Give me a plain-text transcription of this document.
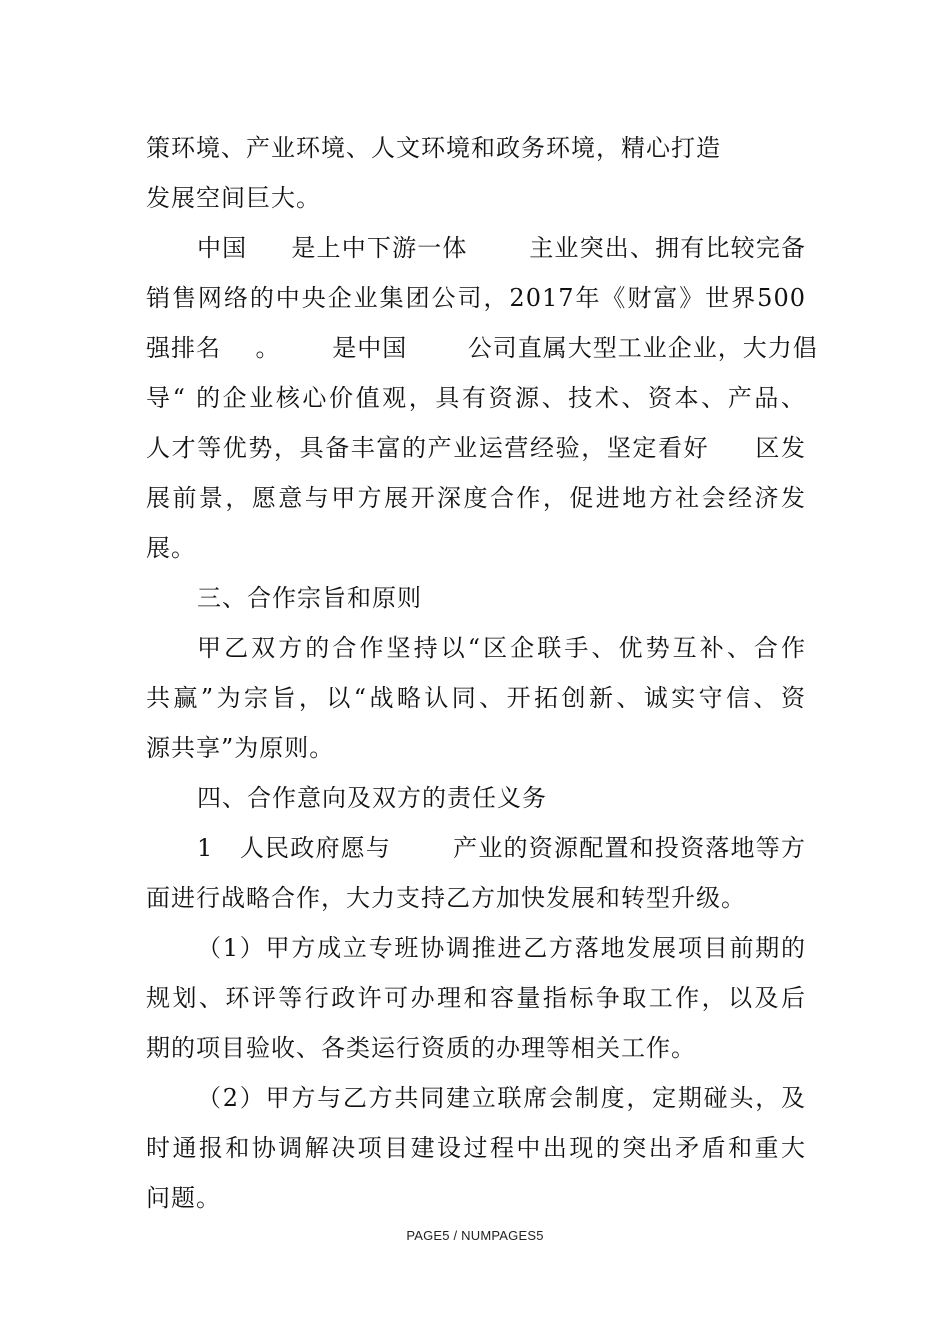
策环境、产业环境、人文环境和政务环境，精心打造
发展空间巨大。
中国     是上中下游一体       主业突出、拥有比较完备
销售网络的中央企业集团公司，2017年《财富》世界500
强排名    。      是中国       公司直属大型工业企业，大力倡
导“ 的企业核心价值观，具有资源、技术、资本、产品、
人才等优势，具备丰富的产业运营经验，坚定看好     区发
展前景，愿意与甲方展开深度合作，促进地方社会经济发
展。
三、合作宗旨和原则
甲乙双方的合作坚持以“区企联手、优势互补、合作
共赢”为宗旨，以“战略认同、开拓创新、诚实守信、资
源共享”为原则。
四、合作意向及双方的责任义务
1   人民政府愿与       产业的资源配置和投资落地等方
面进行战略合作，大力支持乙方加快发展和转型升级。
（1）甲方成立专班协调推进乙方落地发展项目前期的
规划、环评等行政许可办理和容量指标争取工作，以及后
期的项目验收、各类运行资质的办理等相关工作。
（2）甲方与乙方共同建立联席会制度，定期碰头，及
时通报和协调解决项目建设过程中出现的突出矛盾和重大
问题。
PAGE5 / NUMPAGES5
